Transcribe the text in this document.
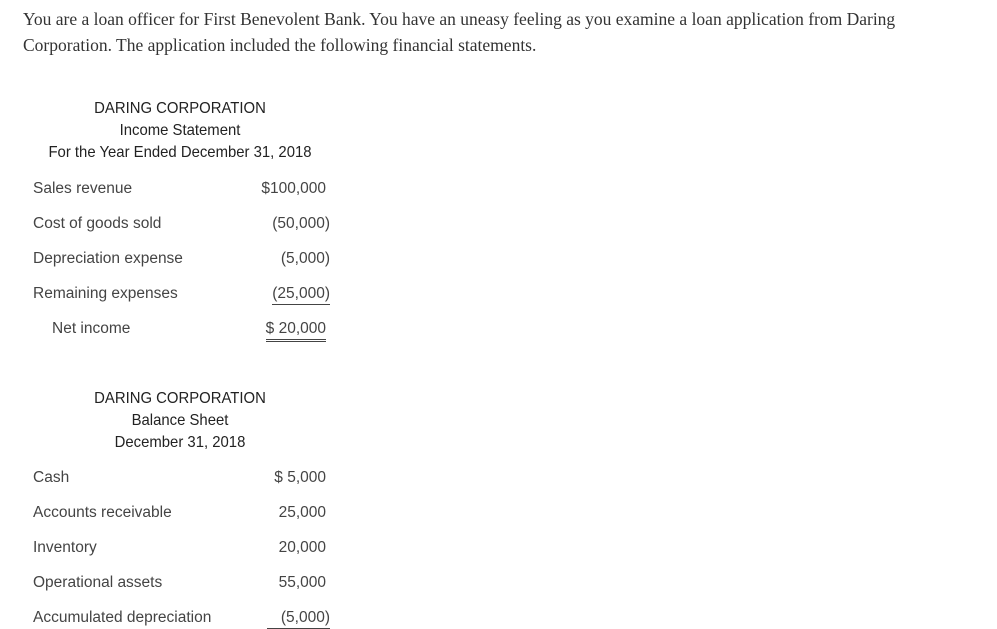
You are a loan officer for First Benevolent Bank. You have an uneasy feeling as you examine a loan application from Daring Corporation. The application included the following financial statements.

DARING CORPORATION
Income Statement
For the Year Ended December 31, 2018
Sales revenue	$100,000
Cost of goods sold	(50,000)
Depreciation expense	(5,000)
Remaining expenses	(25,000)
Net income	$ 20,000
DARING CORPORATION
Balance Sheet
December 31, 2018
Cash	$ 5,000
Accounts receivable	25,000
Inventory	20,000
Operational assets	55,000
Accumulated depreciation	(5,000)
